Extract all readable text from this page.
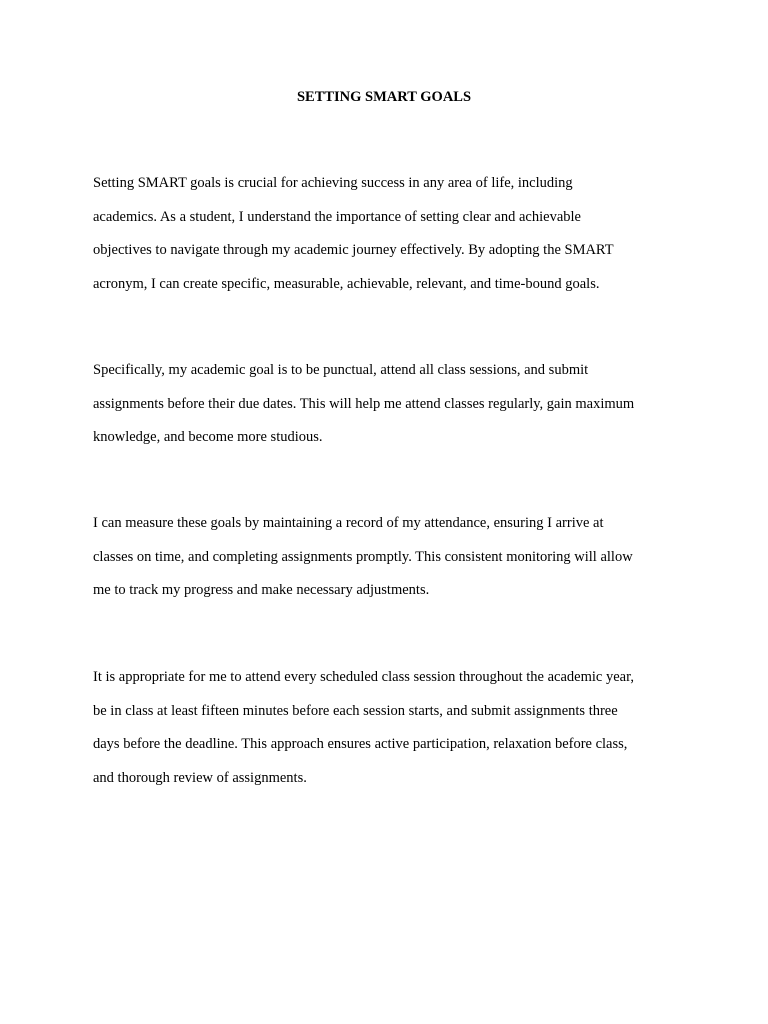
SETTING SMART GOALS
Setting SMART goals is crucial for achieving success in any area of life, including
academics. As a student, I understand the importance of setting clear and achievable
objectives to navigate through my academic journey effectively. By adopting the SMART
acronym, I can create specific, measurable, achievable, relevant, and time-bound goals.
Specifically, my academic goal is to be punctual, attend all class sessions, and submit
assignments before their due dates. This will help me attend classes regularly, gain maximum
knowledge, and become more studious.
I can measure these goals by maintaining a record of my attendance, ensuring I arrive at
classes on time, and completing assignments promptly. This consistent monitoring will allow
me to track my progress and make necessary adjustments.
It is appropriate for me to attend every scheduled class session throughout the academic year,
be in class at least fifteen minutes before each session starts, and submit assignments three
days before the deadline. This approach ensures active participation, relaxation before class,
and thorough review of assignments.
